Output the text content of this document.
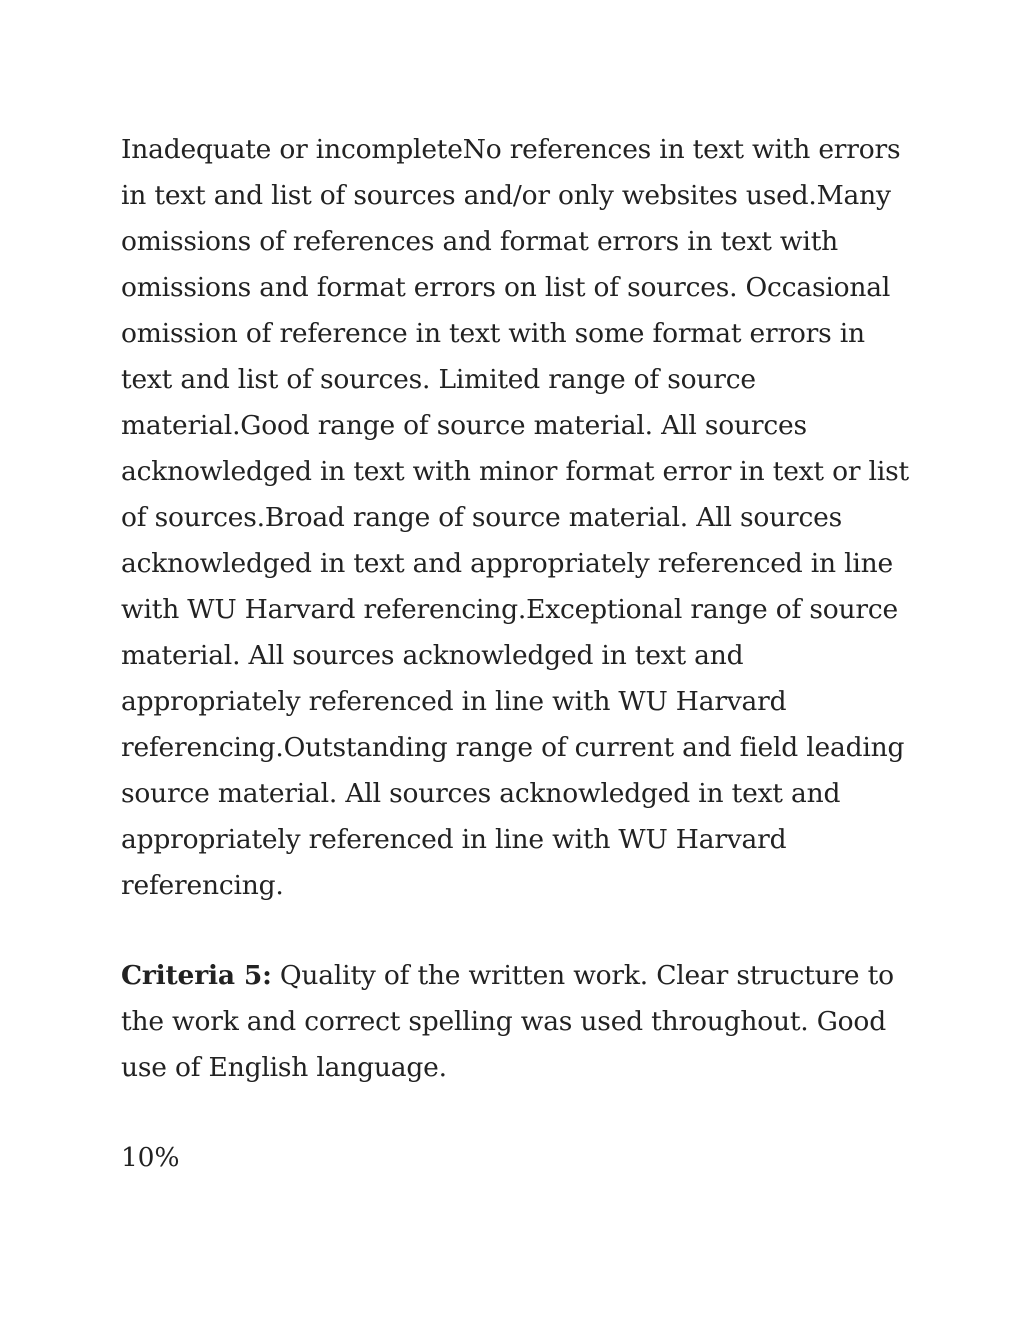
Inadequate or incompleteNo references in text with errors in text and list of sources and/or only websites used.Many omissions of references and format errors in text with omissions and format errors on list of sources. Occasional omission of reference in text with some format errors in text and list of sources. Limited range of source material.Good range of source material. All sources acknowledged in text with minor format error in text or list of sources.Broad range of source material. All sources acknowledged in text and appropriately referenced in line with WU Harvard referencing.Exceptional range of source material. All sources acknowledged in text and appropriately referenced in line with WU Harvard referencing.Outstanding range of current and field leading source material. All sources acknowledged in text and appropriately referenced in line with WU Harvard referencing.

Criteria 5: Quality of the written work. Clear structure to the work and correct spelling was used throughout. Good use of English language.

10%
